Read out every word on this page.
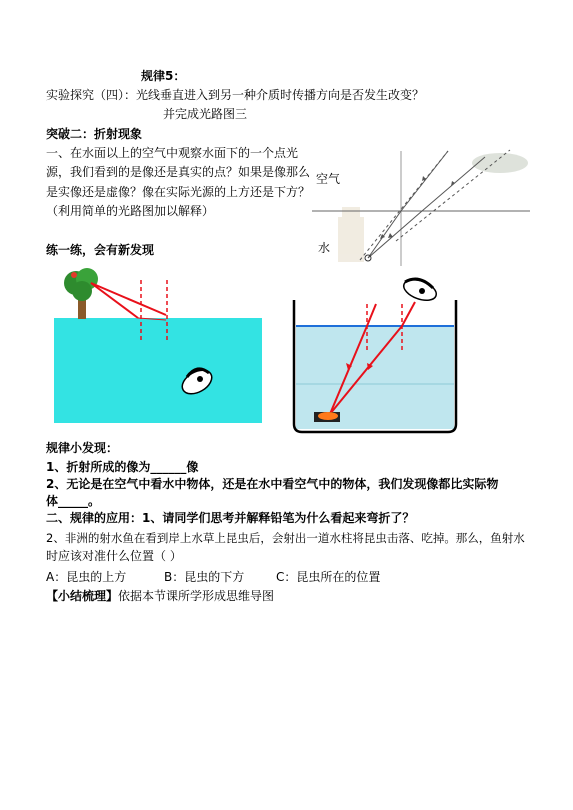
规律5：
实验探究（四）：光线垂直进入到另一种介质时传播方向是否发生改变？
并完成光路图三
突破二：折射现象
一、在水面以上的空气中观察水面下的一个点光
源，我们看到的是像还是真实的点？如果是像那么
是实像还是虚像？像在实际光源的上方还是下方？
（利用简单的光路图加以解释）
空气
水
练一练，会有新发现
规律小发现：
1、折射所成的像为______像
2、无论是在空气中看水中物体，还是在水中看空气中的物体，我们发现像都比实际物
体_____。
二、规律的应用：1、请同学们思考并解释铅笔为什么看起来弯折了？
2、非洲的射水鱼在看到岸上水草上昆虫后，会射出一道水柱将昆虫击落、吃掉。那么，鱼射水
时应该对准什么位置（ ）
A：昆虫的上方	B：昆虫的下方	C：昆虫所在的位置
【小结梳理】依据本节课所学形成思维导图
